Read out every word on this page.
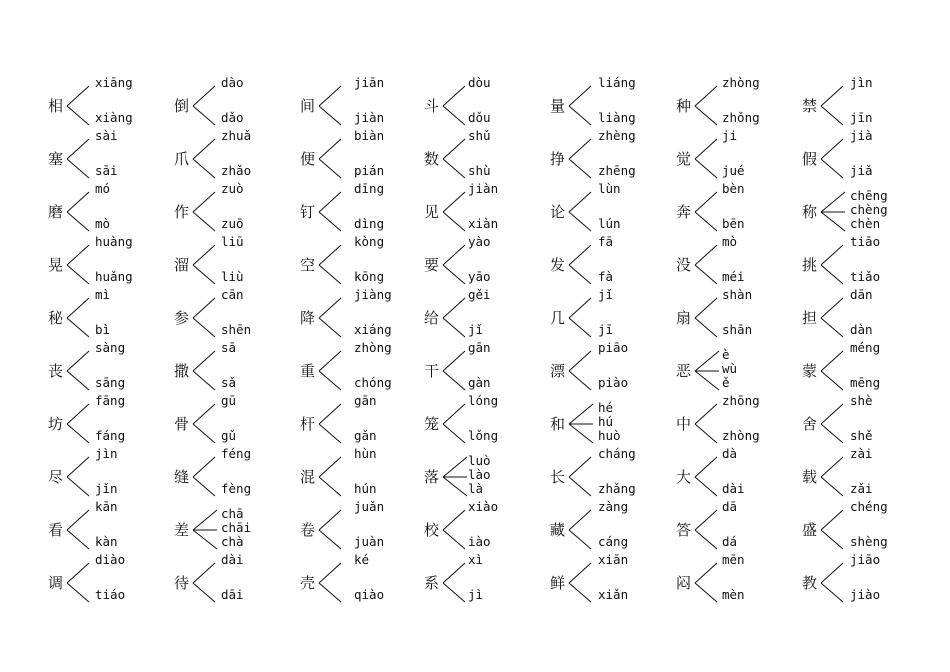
相
xiāng
xiàng
塞
sài
sāi
磨
mó
mò
晃
huàng
huǎng
秘
mì
bì
丧
sàng
sāng
坊
fāng
fáng
尽
jìn
jǐn
看
kān
kàn
调
diào
tiáo
倒
dào
dǎo
爪
zhuǎ
zhǎo
作
zuò
zuō
溜
liū
liù
参
cān
shēn
撒
sā
sǎ
骨
gū
gǔ
缝
féng
fèng
差
chā
chāi
chà
待
dài
dāi
间
jiān
jiàn
便
biàn
pián
钉
dīng
dìng
空
kòng
kōng
降
jiàng
xiáng
重
zhòng
chóng
杆
gān
gǎn
混
hùn
hún
卷
juǎn
juàn
壳
ké
qiào
斗
dòu
dǒu
数
shǔ
shù
见
jiàn
xiàn
要
yào
yāo
给
gěi
jǐ
干
gān
gàn
笼
lóng
lǒng
落
luò
lào
là
校
xiào
iào
系
xì
jì
量
liáng
liàng
挣
zhèng
zhēng
论
lùn
lún
发
fā
fà
几
jǐ
jī
漂
piāo
piào
和
hé
hú
huò
长
cháng
zhǎng
藏
zàng
cáng
鲜
xiān
xiǎn
种
zhòng
zhǒng
觉
ji
jué
奔
bèn
bēn
没
mò
méi
扇
shàn
shān
恶
è
wù
ě
中
zhōng
zhòng
大
dà
dài
答
dā
dá
闷
mēn
mèn
禁
jìn
jīn
假
jià
jiǎ
称
chēng
chèng
chèn
挑
tiāo
tiǎo
担
dān
dàn
蒙
méng
mēng
舍
shè
shě
载
zài
zǎi
盛
chéng
shèng
教
jiāo
jiào
